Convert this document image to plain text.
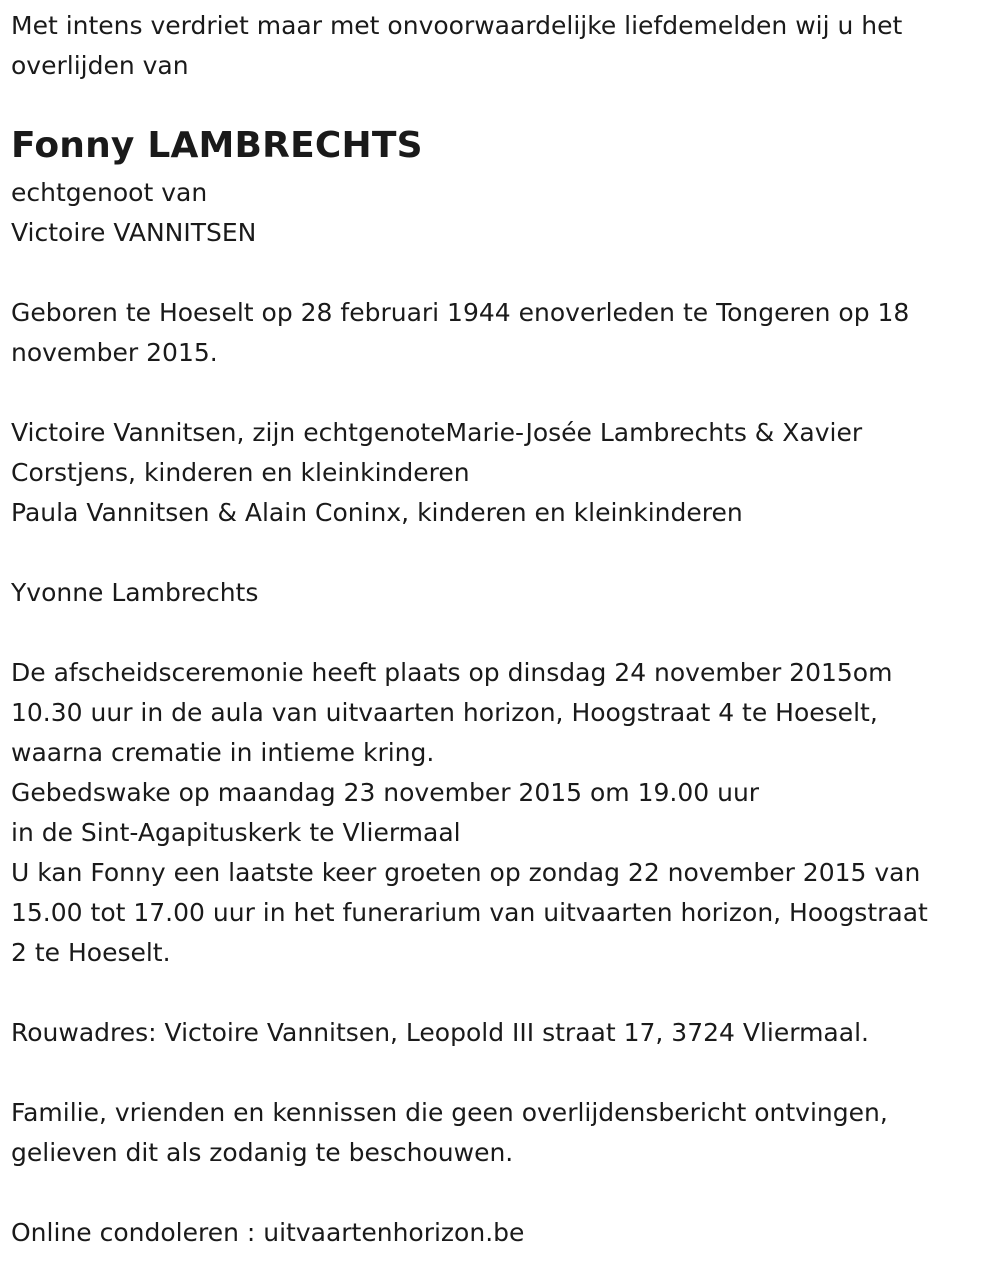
Met intens verdriet maar met onvoorwaardelijke liefdemelden wij u het
overlijden van
Fonny LAMBRECHTS
echtgenoot van
Victoire VANNITSEN
Geboren te Hoeselt op 28 februari 1944 enoverleden te Tongeren op 18
november 2015.
Victoire Vannitsen, zijn echtgenoteMarie-Josée Lambrechts & Xavier
Corstjens, kinderen en kleinkinderen
Paula Vannitsen & Alain Coninx, kinderen en kleinkinderen
Yvonne Lambrechts
De afscheidsceremonie heeft plaats op dinsdag 24 november 2015om
10.30 uur in de aula van uitvaarten horizon, Hoogstraat 4 te Hoeselt,
waarna crematie in intieme kring.
Gebedswake op maandag 23 november 2015 om 19.00 uur
in de Sint-Agapituskerk te Vliermaal
U kan Fonny een laatste keer groeten op zondag 22 november 2015 van
15.00 tot 17.00 uur in het funerarium van uitvaarten horizon, Hoogstraat
2 te Hoeselt.
Rouwadres: Victoire Vannitsen, Leopold III straat 17, 3724 Vliermaal.
Familie, vrienden en kennissen die geen overlijdensbericht ontvingen,
gelieven dit als zodanig te beschouwen.
Online condoleren : uitvaartenhorizon.be
